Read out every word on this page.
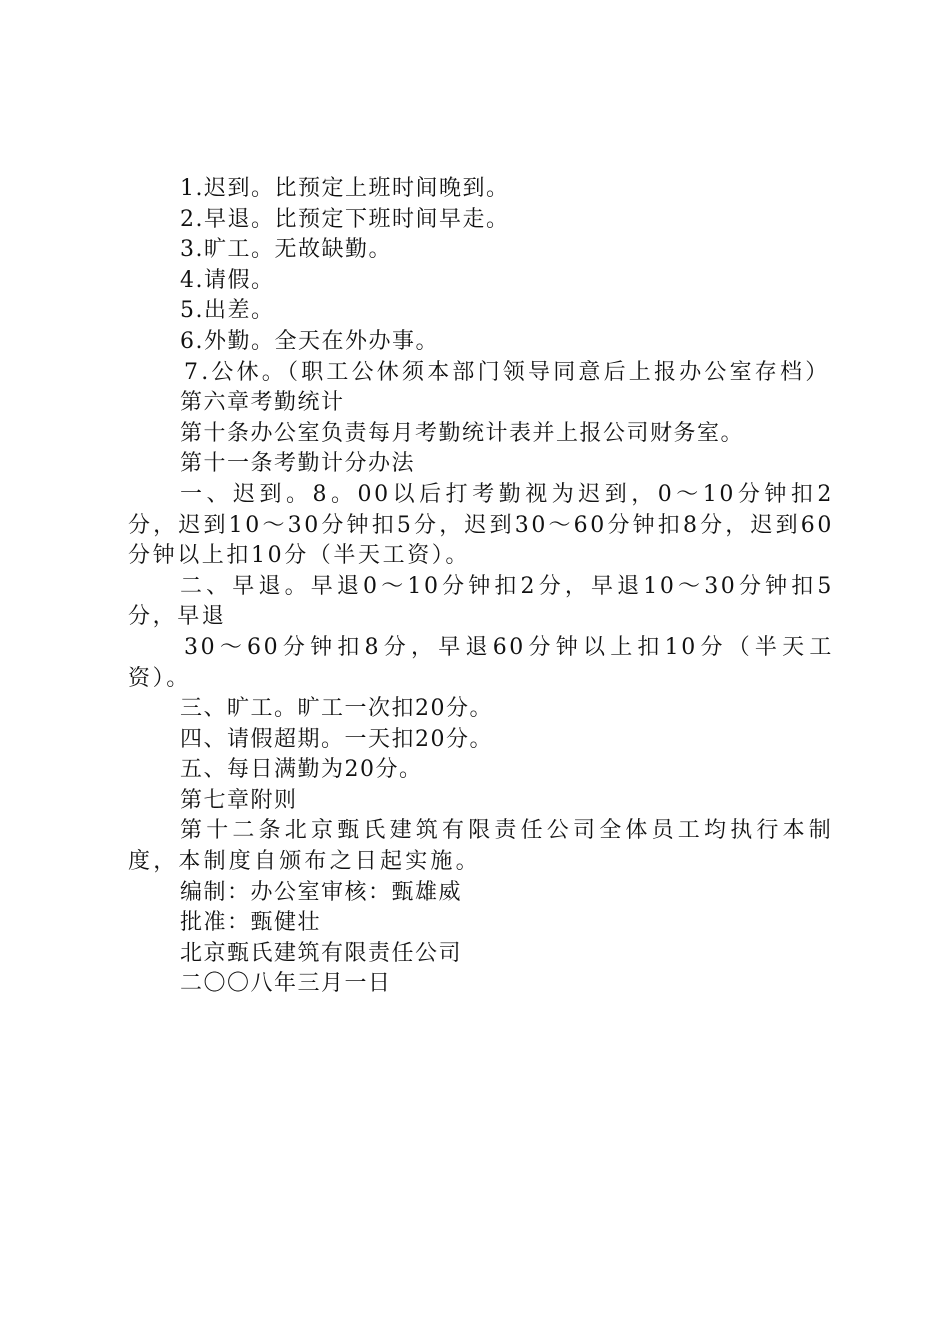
1.迟到。比预定上班时间晚到。

2.早退。比预定下班时间早走。

3.旷工。无故缺勤。

4.请假。

5.出差。

6.外勤。全天在外办事。

7.公休。（职工公休须本部门领导同意后上报办公室存档）

第六章考勤统计

第十条办公室负责每月考勤统计表并上报公司财务室。

第十一条考勤计分办法

一、迟到。8。00以后打考勤视为迟到，0～10分钟扣2分，迟到10～30分钟扣5分，迟到30～60分钟扣8分，迟到60分钟以上扣10分（半天工资）。

二、早退。早退0～10分钟扣2分，早退10～30分钟扣5分，早退

30～60分钟扣8分，早退60分钟以上扣10分（半天工资）。

三、旷工。旷工一次扣20分。

四、请假超期。一天扣20分。

五、每日满勤为20分。

第七章附则

第十二条北京甄氏建筑有限责任公司全体员工均执行本制度，本制度自颁布之日起实施。

编制：办公室审核：甄雄威

批准：甄健壮

北京甄氏建筑有限责任公司

二〇〇八年三月一日
